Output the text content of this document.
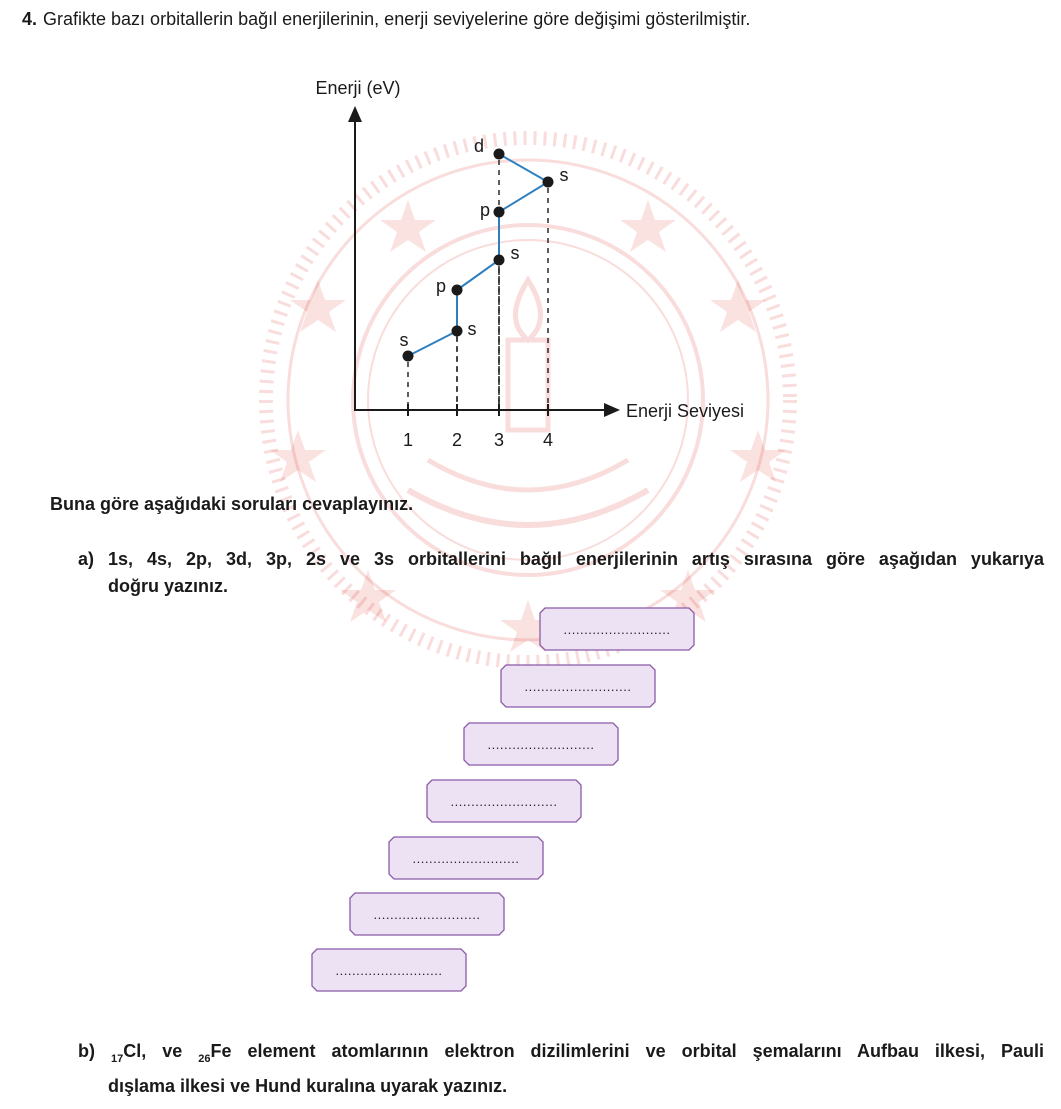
4. Grafikte bazı orbitallerin bağıl enerjilerinin, enerji seviyelerine göre değişimi gösterilmiştir.
Enerji (eV)
Enerji Seviyesi
1 2 3 4
s
s
p
s
p
s
d
Buna göre aşağıdaki soruları cevaplayınız.
a) 1s, 4s, 2p, 3d, 3p, 2s ve 3s orbitallerini bağıl enerjilerinin artış sırasına göre aşağıdan yukarıya
doğru yazınız.
..........................
..........................
..........................
..........................
..........................
..........................
..........................
b) $_{17}$Cl, ve $_{26}$Fe element atomlarının elektron dizilimlerini ve orbital şemalarını Aufbau ilkesi, Pauli
dışlama ilkesi ve Hund kuralına uyarak yazınız.
